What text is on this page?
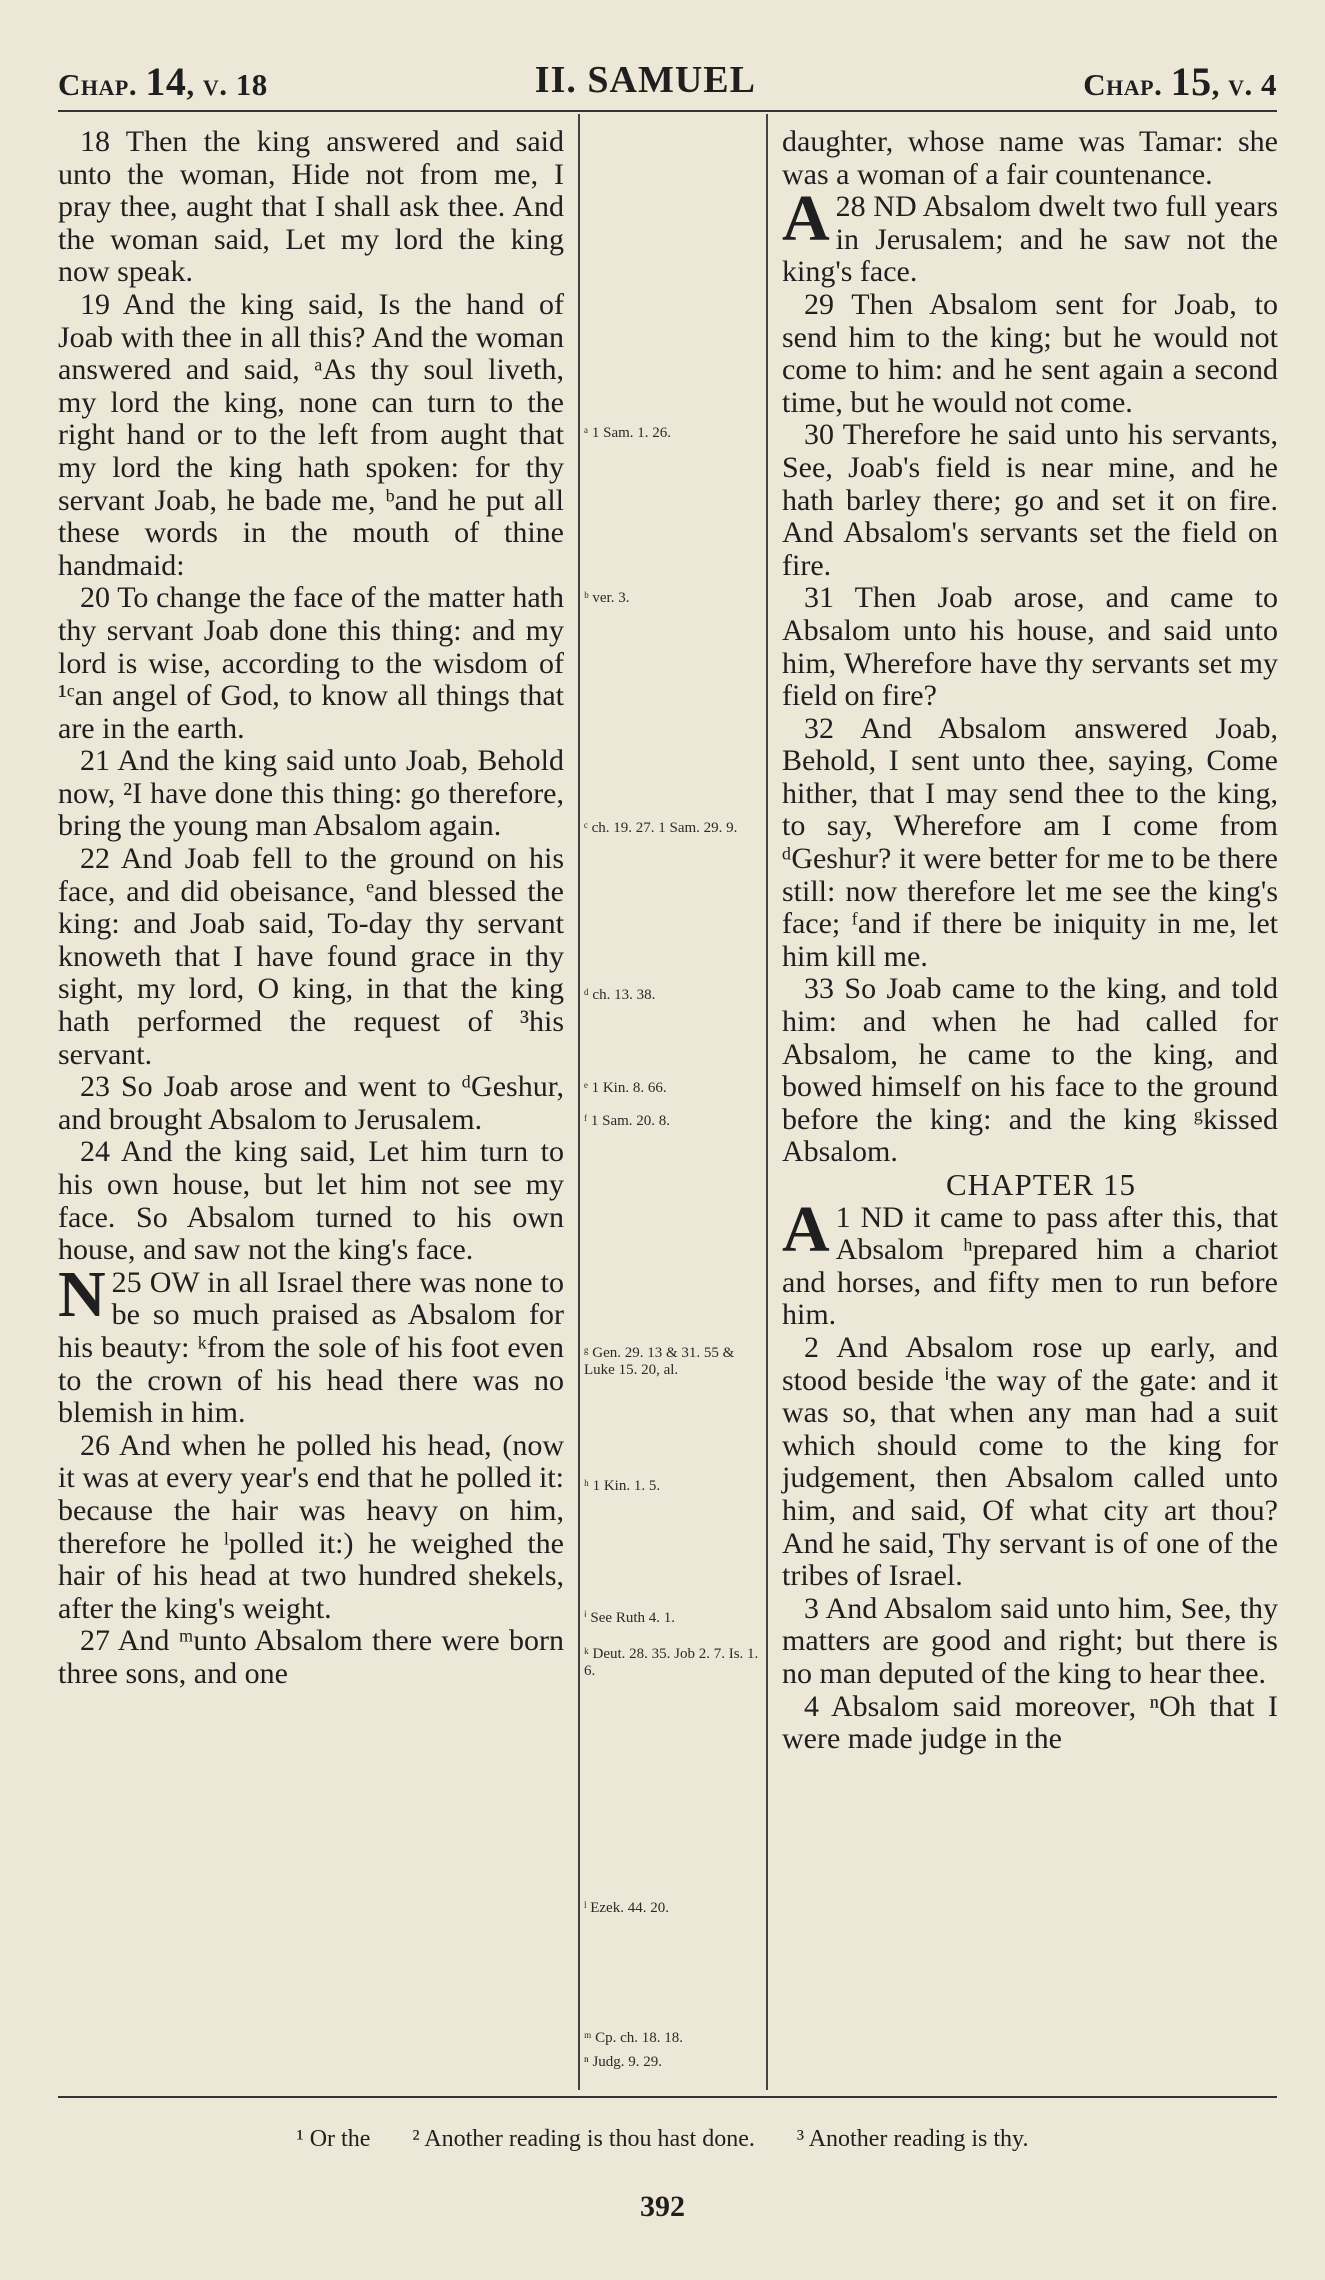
Chap. 14, v. 18	II. SAMUEL	Chap. 15, v. 4

18 Then the king answered and said unto the woman, Hide not from me, I pray thee, aught that I shall ask thee. And the woman said, Let my lord the king now speak.

19 And the king said, Is the hand of Joab with thee in all this? And the woman answered and said, ᵃAs thy soul liveth, my lord the king, none can turn to the right hand or to the left from aught that my lord the king hath spoken: for thy servant Joab, he bade me, ᵇand he put all these words in the mouth of thine handmaid:

20 To change the face of the matter hath thy servant Joab done this thing: and my lord is wise, according to the wisdom of ¹ᶜan angel of God, to know all things that are in the earth.

21 And the king said unto Joab, Behold now, ²I have done this thing: go therefore, bring the young man Absalom again.

22 And Joab fell to the ground on his face, and did obeisance, ᵉand blessed the king: and Joab said, To-day thy servant knoweth that I have found grace in thy sight, my lord, O king, in that the king hath performed the request of ³his servant.

23 So Joab arose and went to ᵈGeshur, and brought Absalom to Jerusalem.

24 And the king said, Let him turn to his own house, but let him not see my face. So Absalom turned to his own house, and saw not the king's face.

25
N OW in all Israel there was none to be so much praised as Absalom for his beauty: ᵏfrom the sole of his foot even to the crown of his head there was no blemish in him.

26 And when he polled his head, (now it was at every year's end that he polled it: because the hair was heavy on him, therefore he ˡpolled it:) he weighed the hair of his head at two hundred shekels, after the king's weight.

27 And ᵐunto Absalom there were born three sons, and one

ᵃ 1 Sam. 1. 26.
ᵇ ver. 3.
ᶜ ch. 19. 27. 1 Sam. 29. 9.
ᵈ ch. 13. 38.
ᵉ 1 Kin. 8. 66.
ᶠ 1 Sam. 20. 8.
ᵍ Gen. 29. 13 & 31. 55 & Luke 15. 20, al.
ʰ 1 Kin. 1. 5.
ⁱ See Ruth 4. 1.
ᵏ Deut. 28. 35. Job 2. 7. Is. 1. 6.
ˡ Ezek. 44. 20.
ᵐ Cp. ch. 18. 18.
ⁿ Judg. 9. 29.

daughter, whose name was Tamar: she was a woman of a fair countenance.

28
A ND Absalom dwelt two full years in Jerusalem; and he saw not the king's face.

29 Then Absalom sent for Joab, to send him to the king; but he would not come to him: and he sent again a second time, but he would not come.

30 Therefore he said unto his servants, See, Joab's field is near mine, and he hath barley there; go and set it on fire. And Absalom's servants set the field on fire.

31 Then Joab arose, and came to Absalom unto his house, and said unto him, Wherefore have thy servants set my field on fire?

32 And Absalom answered Joab, Behold, I sent unto thee, saying, Come hither, that I may send thee to the king, to say, Wherefore am I come from ᵈGeshur? it were better for me to be there still: now therefore let me see the king's face; ᶠand if there be iniquity in me, let him kill me.

33 So Joab came to the king, and told him: and when he had called for Absalom, he came to the king, and bowed himself on his face to the ground before the king: and the king ᵍkissed Absalom.

CHAPTER 15

1
A ND it came to pass after this, that Absalom ʰprepared him a chariot and horses, and fifty men to run before him.

2 And Absalom rose up early, and stood beside ⁱthe way of the gate: and it was so, that when any man had a suit which should come to the king for judgement, then Absalom called unto him, and said, Of what city art thou? And he said, Thy servant is of one of the tribes of Israel.

3 And Absalom said unto him, See, thy matters are good and right; but there is no man deputed of the king to hear thee.

4 Absalom said moreover, ⁿOh that I were made judge in the

¹ Or the ² Another reading is thou hast done. ³ Another reading is thy.
392
